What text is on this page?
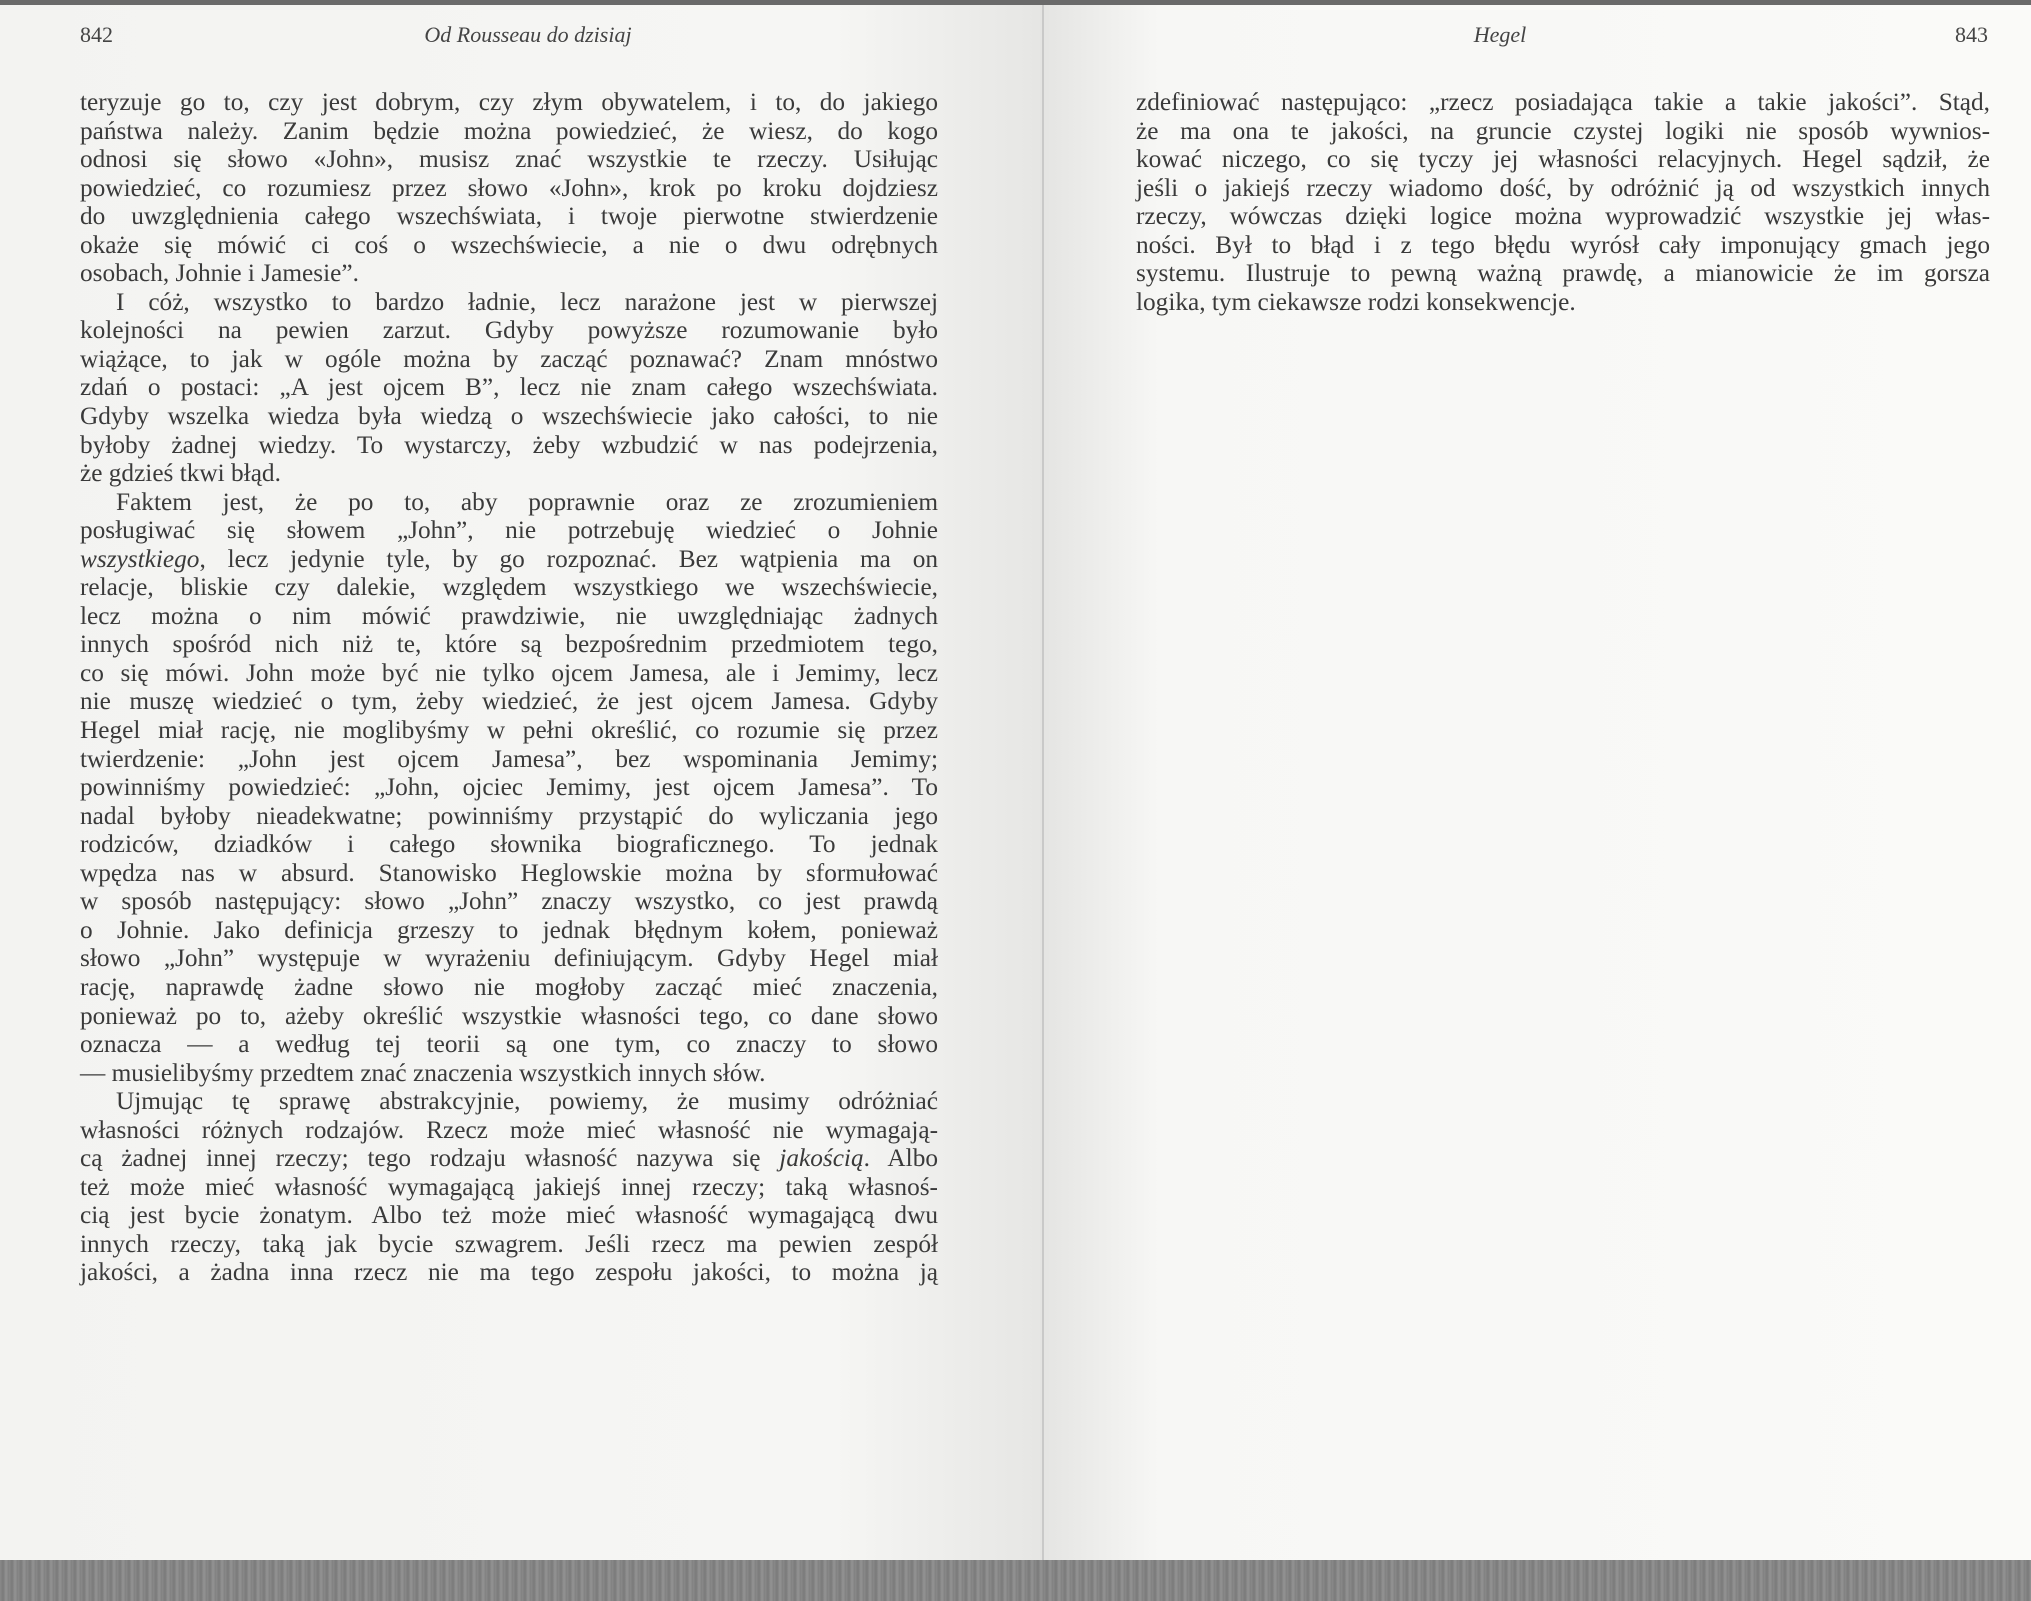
842	Od Rousseau do dzisiaj	Hegel	843
teryzuje go to, czy jest dobrym, czy złym obywatelem, i to, do jakiego
państwa należy. Zanim będzie można powiedzieć, że wiesz, do kogo
odnosi się słowo «John», musisz znać wszystkie te rzeczy. Usiłując
powiedzieć, co rozumiesz przez słowo «John», krok po kroku dojdziesz
do uwzględnienia całego wszechświata, i twoje pierwotne stwierdzenie
okaże się mówić ci coś o wszechświecie, a nie o dwu odrębnych
osobach, Johnie i Jamesie”.
I cóż, wszystko to bardzo ładnie, lecz narażone jest w pierwszej
kolejności na pewien zarzut. Gdyby powyższe rozumowanie było
wiążące, to jak w ogóle można by zacząć poznawać? Znam mnóstwo
zdań o postaci: „A jest ojcem B”, lecz nie znam całego wszechświata.
Gdyby wszelka wiedza była wiedzą o wszechświecie jako całości, to nie
byłoby żadnej wiedzy. To wystarczy, żeby wzbudzić w nas podejrzenia,
że gdzieś tkwi błąd.
Faktem jest, że po to, aby poprawnie oraz ze zrozumieniem
posługiwać się słowem „John”, nie potrzebuję wiedzieć o Johnie
wszystkiego, lecz jedynie tyle, by go rozpoznać. Bez wątpienia ma on
relacje, bliskie czy dalekie, względem wszystkiego we wszechświecie,
lecz można o nim mówić prawdziwie, nie uwzględniając żadnych
innych spośród nich niż te, które są bezpośrednim przedmiotem tego,
co się mówi. John może być nie tylko ojcem Jamesa, ale i Jemimy, lecz
nie muszę wiedzieć o tym, żeby wiedzieć, że jest ojcem Jamesa. Gdyby
Hegel miał rację, nie moglibyśmy w pełni określić, co rozumie się przez
twierdzenie: „John jest ojcem Jamesa”, bez wspominania Jemimy;
powinniśmy powiedzieć: „John, ojciec Jemimy, jest ojcem Jamesa”. To
nadal byłoby nieadekwatne; powinniśmy przystąpić do wyliczania jego
rodziców, dziadków i całego słownika biograficznego. To jednak
wpędza nas w absurd. Stanowisko Heglowskie można by sformułować
w sposób następujący: słowo „John” znaczy wszystko, co jest prawdą
o Johnie. Jako definicja grzeszy to jednak błędnym kołem, ponieważ
słowo „John” występuje w wyrażeniu definiującym. Gdyby Hegel miał
rację, naprawdę żadne słowo nie mogłoby zacząć mieć znaczenia,
ponieważ po to, ażeby określić wszystkie własności tego, co dane słowo
oznacza — a według tej teorii są one tym, co znaczy to słowo
— musielibyśmy przedtem znać znaczenia wszystkich innych słów.
Ujmując tę sprawę abstrakcyjnie, powiemy, że musimy odróżniać
własności różnych rodzajów. Rzecz może mieć własność nie wymagają-
cą żadnej innej rzeczy; tego rodzaju własność nazywa się jakością. Albo
też może mieć własność wymagającą jakiejś innej rzeczy; taką własnoś-
cią jest bycie żonatym. Albo też może mieć własność wymagającą dwu
innych rzeczy, taką jak bycie szwagrem. Jeśli rzecz ma pewien zespół
jakości, a żadna inna rzecz nie ma tego zespołu jakości, to można ją
zdefiniować następująco: „rzecz posiadająca takie a takie jakości”. Stąd,
że ma ona te jakości, na gruncie czystej logiki nie sposób wywnios-
kować niczego, co się tyczy jej własności relacyjnych. Hegel sądził, że
jeśli o jakiejś rzeczy wiadomo dość, by odróżnić ją od wszystkich innych
rzeczy, wówczas dzięki logice można wyprowadzić wszystkie jej włas-
ności. Był to błąd i z tego błędu wyrósł cały imponujący gmach jego
systemu. Ilustruje to pewną ważną prawdę, a mianowicie że im gorsza
logika, tym ciekawsze rodzi konsekwencje.
